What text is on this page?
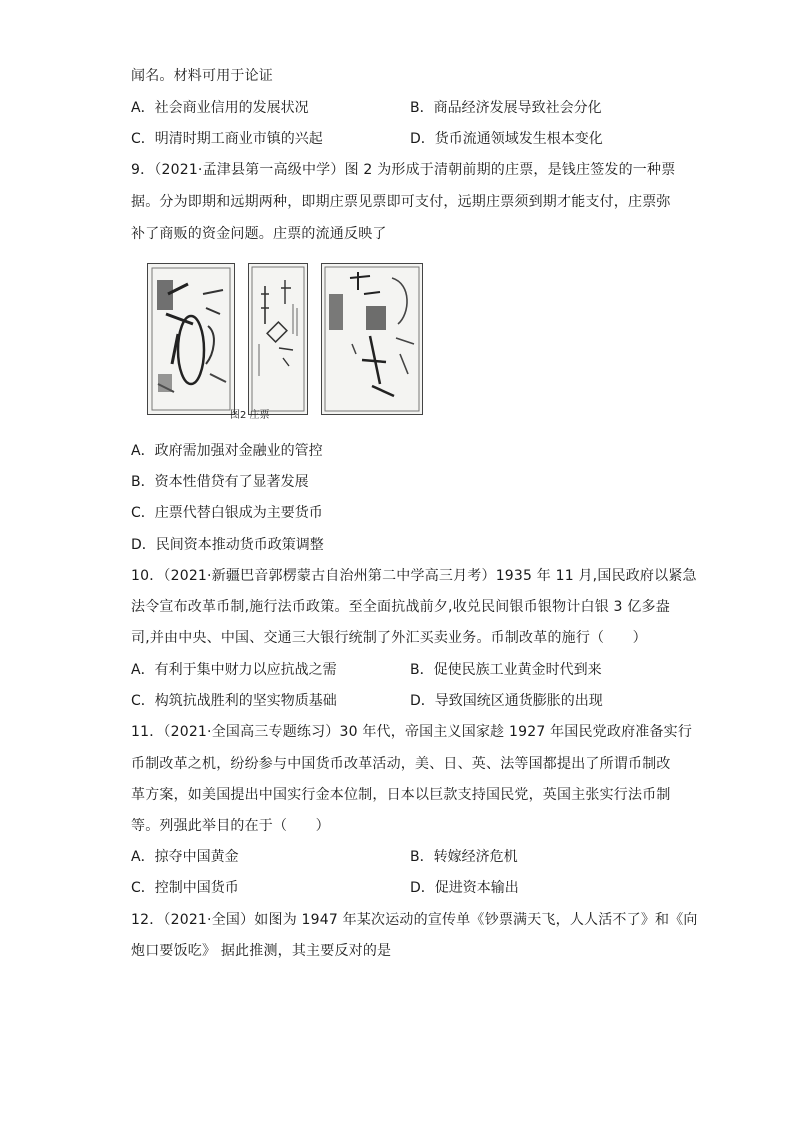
闻名。材料可用于论证
A．社会商业信用的发展状况	B．商品经济发展导致社会分化
C．明清时期工商业市镇的兴起	D．货币流通领域发生根本变化
9．（2021·孟津县第一高级中学）图 2 为形成于清朝前期的庄票，是钱庄签发的一种票
据。分为即期和远期两种，即期庄票见票即可支付，远期庄票须到期才能支付，庄票弥
补了商贩的资金问题。庄票的流通反映了
图2 庄票
A．政府需加强对金融业的管控
B．资本性借贷有了显著发展
C．庄票代替白银成为主要货币
D．民间资本推动货币政策调整
10．（2021·新疆巴音郭楞蒙古自治州第二中学高三月考）1935 年 11 月,国民政府以紧急
法令宣布改革币制,施行法币政策。至全面抗战前夕,收兑民间银币银物计白银 3 亿多盎
司,并由中央、中国、交通三大银行统制了外汇买卖业务。币制改革的施行（　　）
A．有利于集中财力以应抗战之需	B．促使民族工业黄金时代到来
C．构筑抗战胜利的坚实物质基础	D．导致国统区通货膨胀的出现
11．（2021·全国高三专题练习）30 年代，帝国主义国家趁 1927 年国民党政府准备实行
币制改革之机，纷纷参与中国货币改革活动，美、日、英、法等国都提出了所谓币制改
革方案，如美国提出中国实行金本位制，日本以巨款支持国民党，英国主张实行法币制
等。列强此举目的在于（　　）
A．掠夺中国黄金	B．转嫁经济危机
C．控制中国货币	D．促进资本输出
12．（2021·全国）如图为 1947 年某次运动的宣传单《钞票满天飞，人人活不了》和《向
炮口要饭吃》 据此推测，其主要反对的是
